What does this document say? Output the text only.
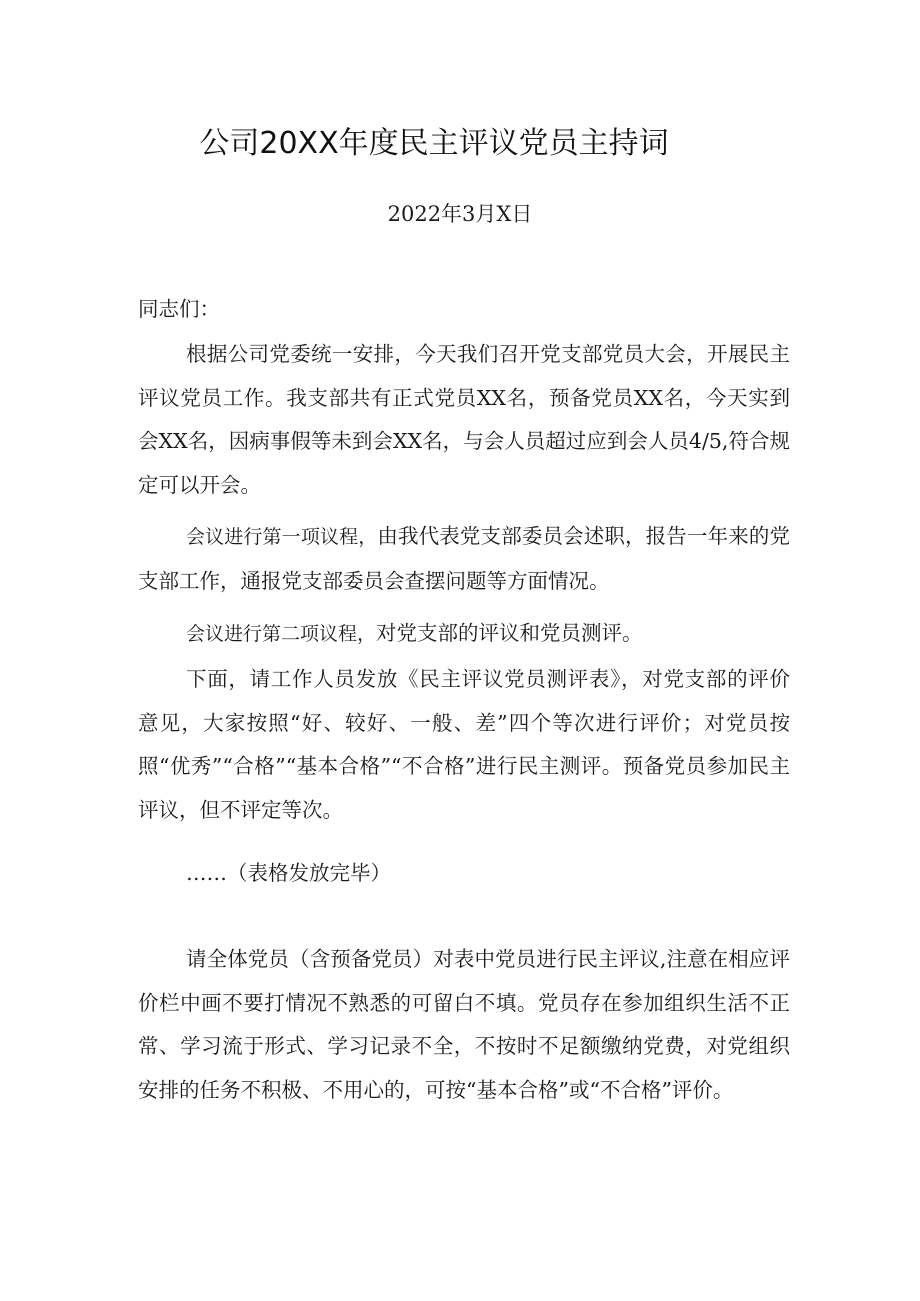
公司20XX年度民主评议党员主持词
2022年3月X日

同志们：

根据公司党委统一安排，今天我们召开党支部党员大会，开展民主评议党员工作。我支部共有正式党员XX名，预备党员XX名，今天实到会XX名，因病事假等未到会XX名，与会人员超过应到会人员4/5,符合规定可以开会。

会议进行第一项议程，由我代表党支部委员会述职，报告一年来的党支部工作，通报党支部委员会查摆问题等方面情况。

会议进行第二项议程，对党支部的评议和党员测评。

下面，请工作人员发放《民主评议党员测评表》，对党支部的评价意见，大家按照“好、较好、一般、差”四个等次进行评价；对党员按照“优秀”“合格”“基本合格”“不合格”进行民主测评。预备党员参加民主评议，但不评定等次。

……（表格发放完毕）

请全体党员（含预备党员）对表中党员进行民主评议,注意在相应评价栏中画不要打情况不熟悉的可留白不填。党员存在参加组织生活不正常、学习流于形式、学习记录不全，不按时不足额缴纳党费，对党组织安排的任务不积极、不用心的，可按“基本合格”或“不合格”评价。
